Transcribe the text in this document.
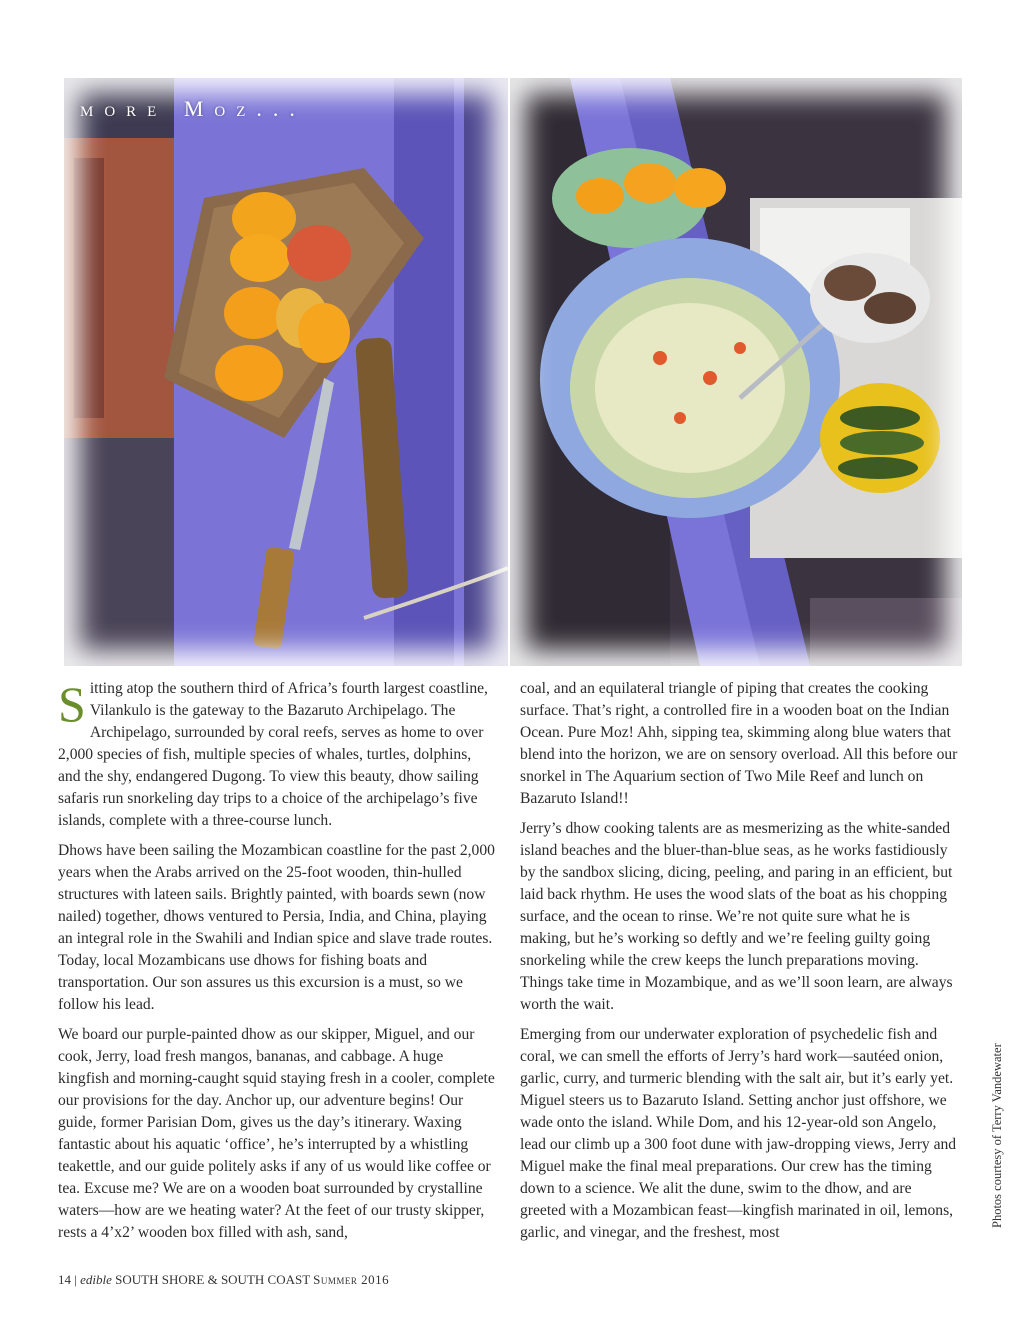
more Moz...

Sitting atop the southern third of Africa’s fourth largest coastline, Vilankulo is the gateway to the Bazaruto Archipelago. The Archipelago, surrounded by coral reefs, serves as home to over 2,000 species of fish, multiple species of whales, turtles, dolphins, and the shy, endangered Dugong. To view this beauty, dhow sailing safaris run snorkeling day trips to a choice of the archipelago’s five islands, complete with a three-course lunch.

Dhows have been sailing the Mozambican coastline for the past 2,000 years when the Arabs arrived on the 25-foot wooden, thin-hulled structures with lateen sails. Brightly painted, with boards sewn (now nailed) together, dhows ventured to Persia, India, and China, playing an integral role in the Swahili and Indian spice and slave trade routes. Today, local Mozambicans use dhows for fishing boats and transportation. Our son assures us this excursion is a must, so we follow his lead.

We board our purple-painted dhow as our skipper, Miguel, and our cook, Jerry, load fresh mangos, bananas, and cabbage. A huge kingfish and morning-caught squid staying fresh in a cooler, complete our provisions for the day. Anchor up, our adventure begins! Our guide, former Parisian Dom, gives us the day’s itinerary. Waxing fantastic about his aquatic ‘office’, he’s interrupted by a whistling teakettle, and our guide politely asks if any of us would like coffee or tea. Excuse me? We are on a wooden boat surrounded by crystalline waters—how are we heating water? At the feet of our trusty skipper, rests a 4’x2’ wooden box filled with ash, sand,

coal, and an equilateral triangle of piping that creates the cooking surface. That’s right, a controlled fire in a wooden boat on the Indian Ocean. Pure Moz! Ahh, sipping tea, skimming along blue waters that blend into the horizon, we are on sensory overload. All this before our snorkel in The Aquarium section of Two Mile Reef and lunch on Bazaruto Island!!

Jerry’s dhow cooking talents are as mesmerizing as the white-sanded island beaches and the bluer-than-blue seas, as he works fastidiously by the sandbox slicing, dicing, peeling, and paring in an efficient, but laid back rhythm. He uses the wood slats of the boat as his chopping surface, and the ocean to rinse. We’re not quite sure what he is making, but he’s working so deftly and we’re feeling guilty going snorkeling while the crew keeps the lunch preparations moving. Things take time in Mozambique, and as we’ll soon learn, are always worth the wait.

Emerging from our underwater exploration of psychedelic fish and coral, we can smell the efforts of Jerry’s hard work—sautéed onion, garlic, curry, and turmeric blending with the salt air, but it’s early yet. Miguel steers us to Bazaruto Island. Setting anchor just offshore, we wade onto the island. While Dom, and his 12-year-old son Angelo, lead our climb up a 300 foot dune with jaw-dropping views, Jerry and Miguel make the final meal preparations. Our crew has the timing down to a science. We alit the dune, swim to the dhow, and are greeted with a Mozambican feast—kingfish marinated in oil, lemons, garlic, and vinegar, and the freshest, most

Photos courtesy of Terry Vandewater
14 | edible SOUTH SHORE & SOUTH COAST Summer 2016
